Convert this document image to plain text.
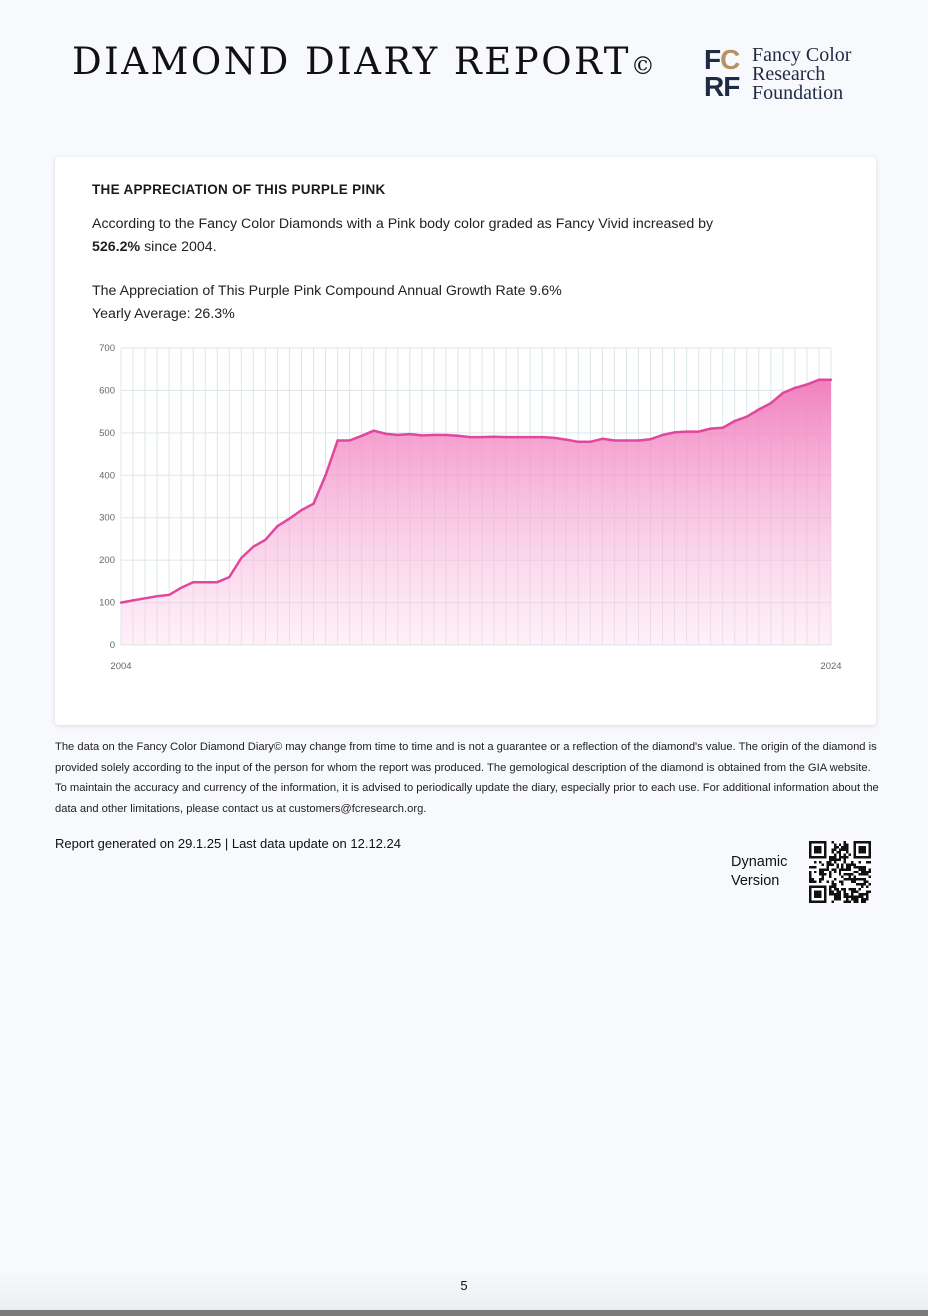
DIAMOND DIARY REPORT© FC
RF
Fancy Color
Research
Foundation
THE APPRECIATION OF THIS PURPLE PINK
According to the Fancy Color Diamonds with a Pink body color graded as Fancy Vivid increased by
526.2% since 2004.
The Appreciation of This Purple Pink Compound Annual Growth Rate 9.6%
Yearly Average: 26.3%
0
100
200
300
400
500
600
700
2004	2024
The data on the Fancy Color Diamond Diary© may change from time to time and is not a guarantee or a reflection of the diamond's value. The origin of the diamond is provided solely according to the input of the person for whom the report was produced. The gemological description of the diamond is obtained from the GIA website. To maintain the accuracy and currency of the information, it is advised to periodically update the diary, especially prior to each use. For additional information about the data and other limitations, please contact us at customers@fcresearch.org.
Report generated on 29.1.25 | Last data update on 12.12.24
Dynamic Version
5
